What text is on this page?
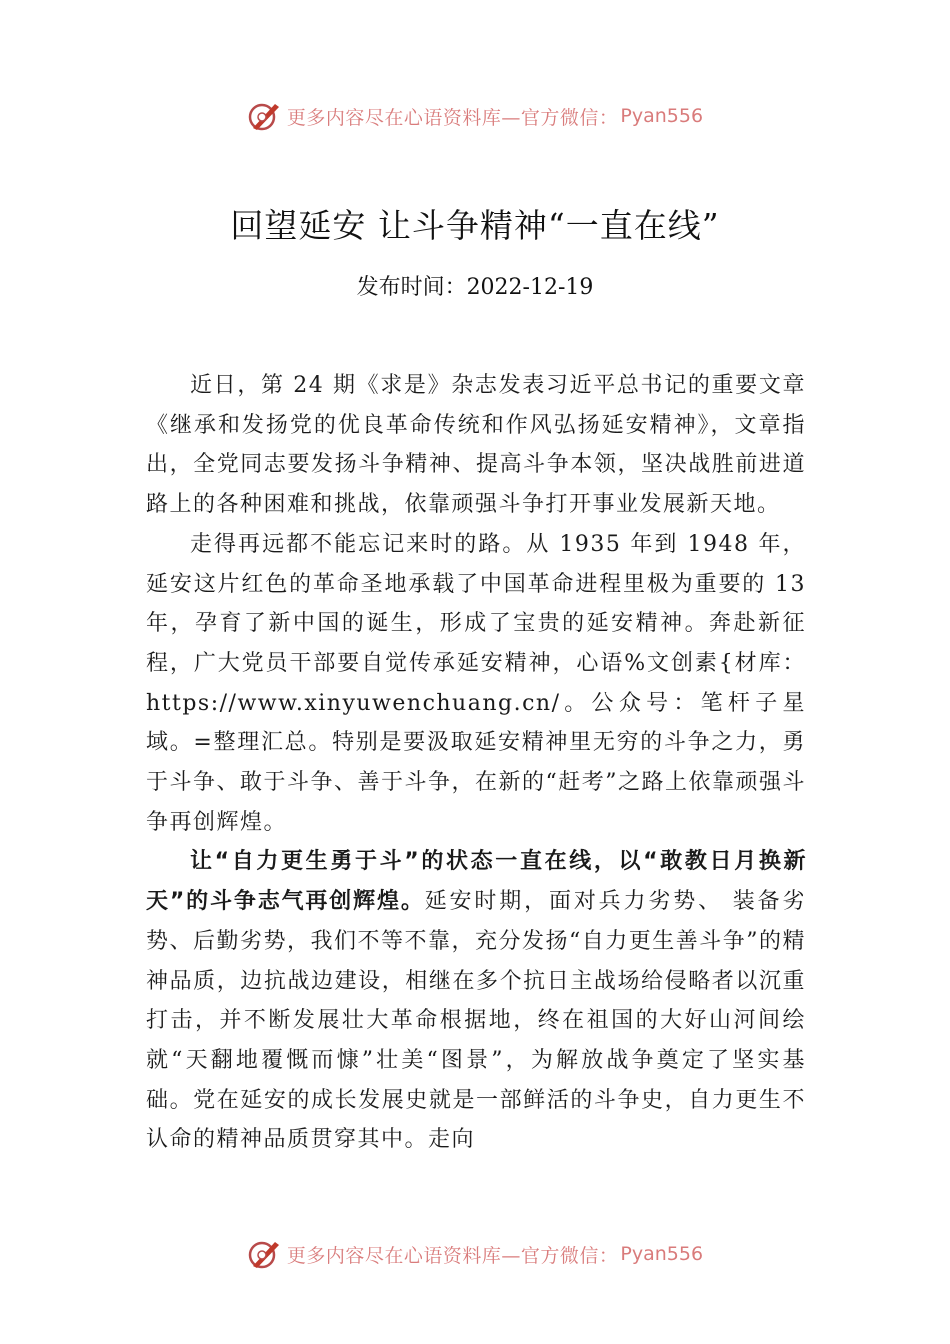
更多内容尽在心语资料库—官方微信： Pyan556
回望延安 让斗争精神“一直在线”
发布时间：2022-12-19

近日，第 24 期《求是》杂志发表习近平总书记的重要文章《继承和发扬党的优良革命传统和作风弘扬延安精神》，文章指出，全党同志要发扬斗争精神、提高斗争本领，坚决战胜前进道路上的各种困难和挑战，依靠顽强斗争打开事业发展新天地。

走得再远都不能忘记来时的路。从 1935 年到 1948 年， 延安这片红色的革命圣地承载了中国革命进程里极为重要的 13 年，孕育了新中国的诞生，形成了宝贵的延安精神。奔赴新征程，广大党员干部要自觉传承延安精神，心语%文创素{材库：https://www.xinyuwenchuang.cn/。公众号：笔杆子星域。=整理汇总。特别是要汲取延安精神里无穷的斗争之力，勇于斗争、敢于斗争、善于斗争，在新的“赶考”之路上依靠顽强斗争再创辉煌。

让“自力更生勇于斗”的状态一直在线，以“敢教日月换新天”的斗争志气再创辉煌。延安时期，面对兵力劣势、 装备劣势、后勤劣势，我们不等不靠，充分发扬“自力更生善斗争”的精神品质，边抗战边建设，相继在多个抗日主战场给侵略者以沉重打击，并不断发展壮大革命根据地，终在祖国的大好山河间绘就“天翻地覆慨而慷”壮美“图景”，为解放战争奠定了坚实基础。党在延安的成长发展史就是一部鲜活的斗争史，自力更生不认命的精神品质贯穿其中。走向

更多内容尽在心语资料库—官方微信： Pyan556
